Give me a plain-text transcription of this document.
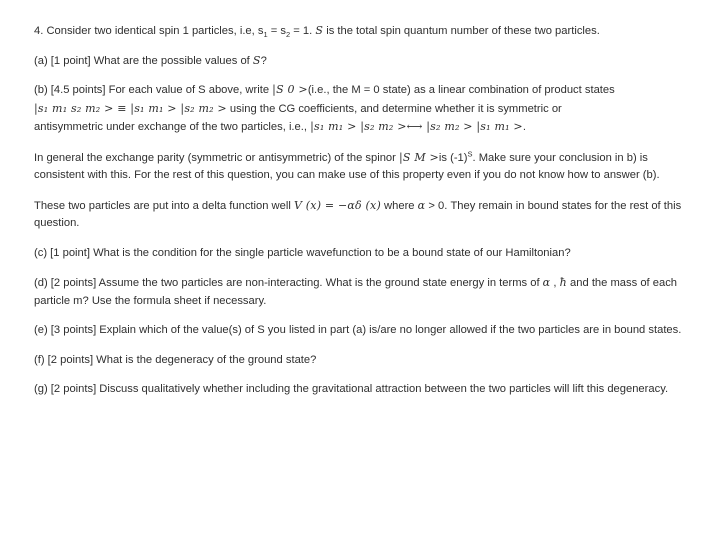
4. Consider two identical spin 1 particles, i.e, $s_1 = s_2 = 1$. S is the total spin quantum number of these two particles.

(a) [1 point] What are the possible values of S?

(b) [4.5 points] For each value of S above, write |S 0 >(i.e., the M = 0 state) as a linear combination of product states
|s₁ m₁ s₂ m₂ > ≡ |s₁ m₁ > |s₂ m₂ > using the CG coefficients, and determine whether it is symmetric or
antisymmetric under exchange of the two particles, i.e., |s₁ m₁ > |s₂ m₂ >⟷ |s₂ m₂ > |s₁ m₁ >.

In general the exchange parity (symmetric or antisymmetric) of the spinor |S M >is $(-1)^S$. Make sure your conclusion in b) is consistent with this. For the rest of this question, you can make use of this property even if you do not know how to answer (b).

These two particles are put into a delta function well V (x) = −αδ (x) where α > 0. They remain in bound states for the rest of this question.

(c) [1 point] What is the condition for the single particle wavefunction to be a bound state of our Hamiltonian?

(d) [2 points] Assume the two particles are non-interacting. What is the ground state energy in terms of α , ħ and the mass of each particle m? Use the formula sheet if necessary.

(e) [3 points] Explain which of the value(s) of S you listed in part (a) is/are no longer allowed if the two particles are in bound states.

(f) [2 points] What is the degeneracy of the ground state?

(g) [2 points] Discuss qualitatively whether including the gravitational attraction between the two particles will lift this degeneracy.
